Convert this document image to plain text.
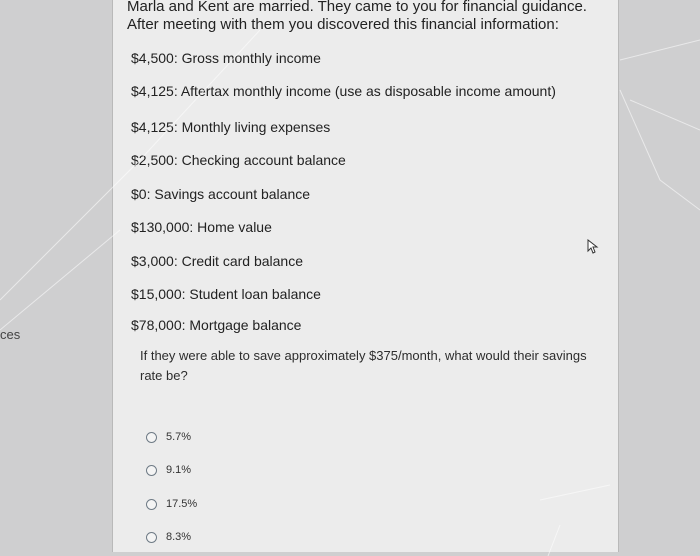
ces
Marla and Kent are married. They came to you for financial guidance.
After meeting with them you discovered this financial information:
$4,500: Gross monthly income
$4,125: Aftertax monthly income (use as disposable income amount)
$4,125: Monthly living expenses
$2,500: Checking account balance
$0: Savings account balance
$130,000: Home value
$3,000: Credit card balance
$15,000: Student loan balance
$78,000: Mortgage balance
If they were able to save approximately $375/month, what would their savings rate be?
5.7%
9.1%
17.5%
8.3%
